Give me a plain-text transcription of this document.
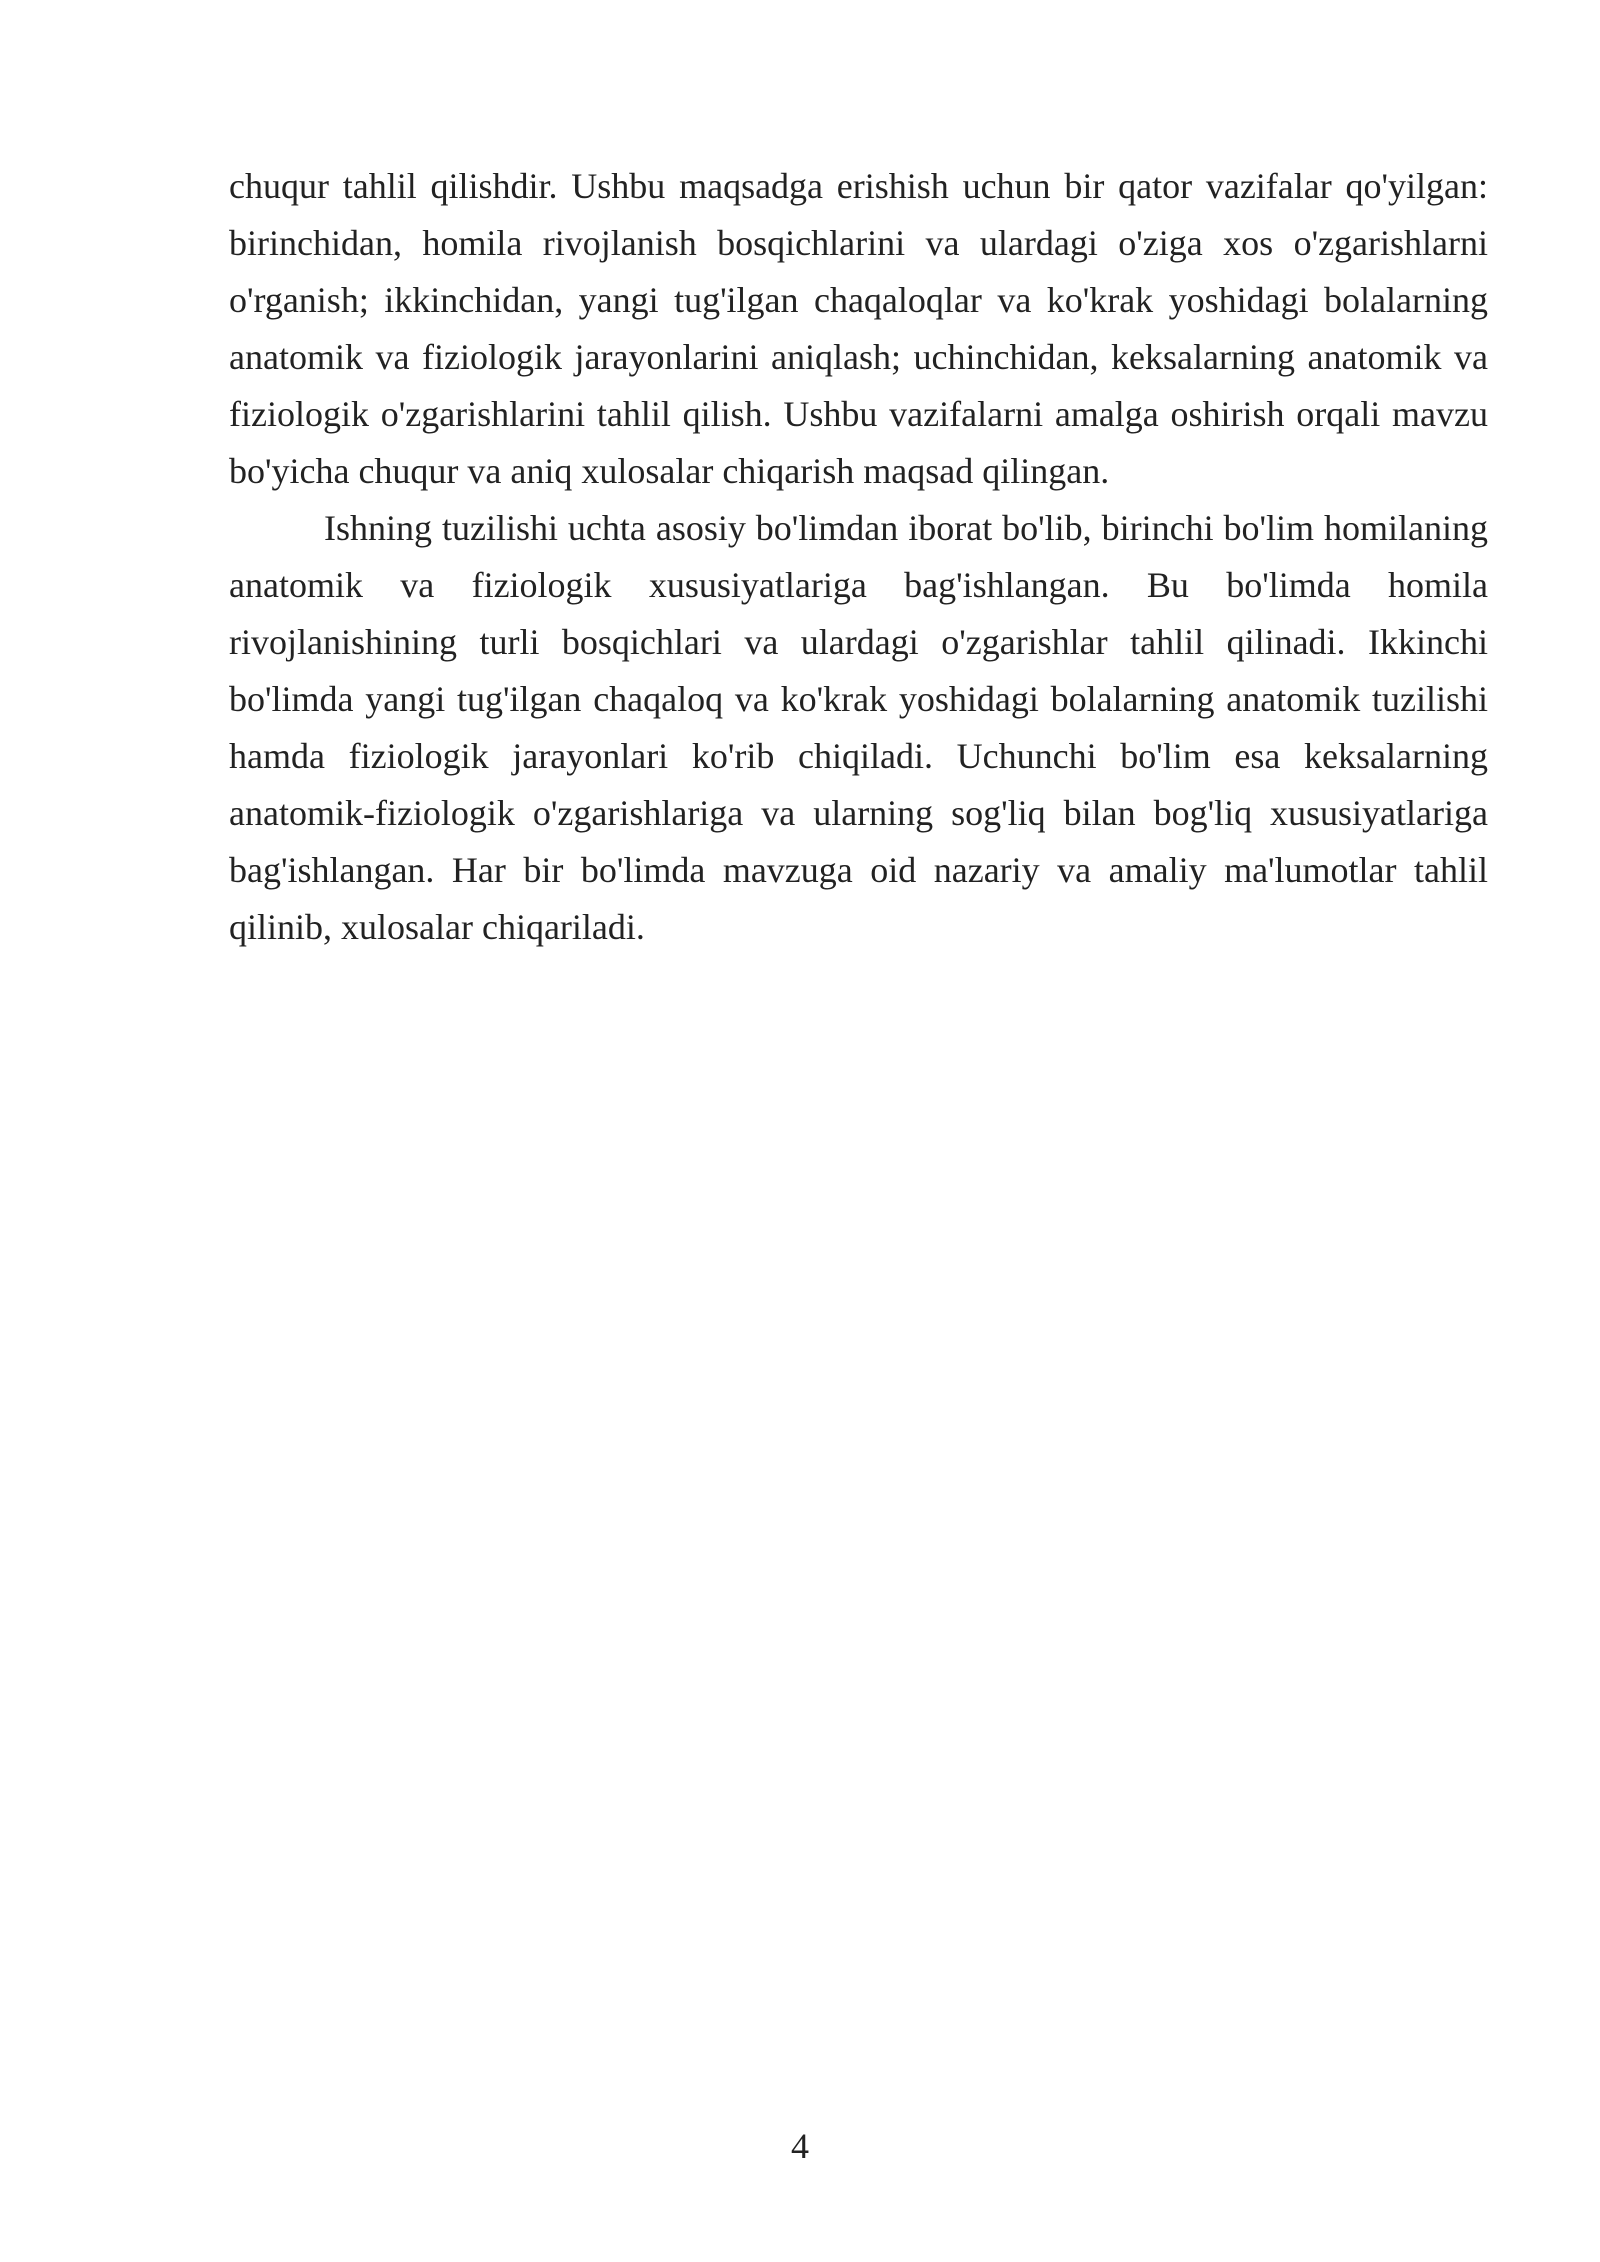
chuqur tahlil qilishdir. Ushbu maqsadga erishish uchun bir qator vazifalar qo'yilgan: birinchidan, homila rivojlanish bosqichlarini va ulardagi o'ziga xos o'zgarishlarni o'rganish; ikkinchidan, yangi tug'ilgan chaqaloqlar va ko'krak yoshidagi bolalarning anatomik va fiziologik jarayonlarini aniqlash; uchinchidan, keksalarning anatomik va fiziologik o'zgarishlarini tahlil qilish. Ushbu vazifalarni amalga oshirish orqali mavzu bo'yicha chuqur va aniq xulosalar chiqarish maqsad qilingan.

Ishning tuzilishi uchta asosiy bo'limdan iborat bo'lib, birinchi bo'lim homilaning anatomik va fiziologik xususiyatlariga bag'ishlangan. Bu bo'limda homila rivojlanishining turli bosqichlari va ulardagi o'zgarishlar tahlil qilinadi. Ikkinchi bo'limda yangi tug'ilgan chaqaloq va ko'krak yoshidagi bolalarning anatomik tuzilishi hamda fiziologik jarayonlari ko'rib chiqiladi. Uchunchi bo'lim esa keksalarning anatomik-fiziologik o'zgarishlariga va ularning sog'liq bilan bog'liq xususiyatlariga bag'ishlangan. Har bir bo'limda mavzuga oid nazariy va amaliy ma'lumotlar tahlil qilinib, xulosalar chiqariladi.

4
